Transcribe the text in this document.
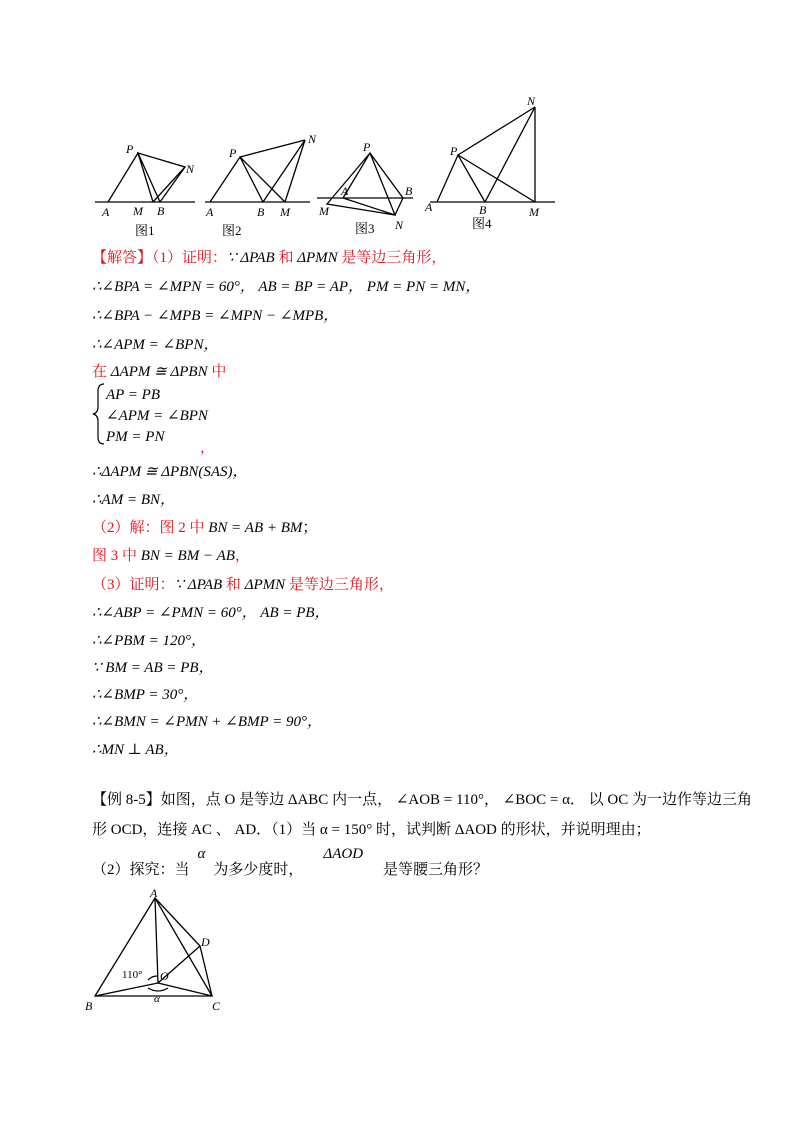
P
N
A M B
P
N
A	B M
P
A	B
M
N
N
P
A	B	M
图1	图2	图3	图4
【解答】（1）证明：∵ ΔPAB 和 ΔPMN 是等边三角形，
∴∠BPA = ∠MPN = 60°， AB = BP = AP， PM = PN = MN，
∴∠BPA − ∠MPB = ∠MPN − ∠MPB，
∴∠APM = ∠BPN，
在 ΔAPM ≅ ΔPBN 中
AP = PB
∠APM = ∠BPN
PM = PN
，
∴ΔAPM ≅ ΔPBN(SAS)，
∴AM = BN，
（2）解：图 2 中 BN = AB + BM；
图 3 中 BN = BM − AB，
（3）证明：∵ ΔPAB 和 ΔPMN 是等边三角形，
∴∠ABP = ∠PMN = 60°， AB = PB，
∴∠PBM = 120°，
∵ BM = AB = PB，
∴∠BMP = 30°，
∴∠BMN = ∠PMN + ∠BMP = 90°，
∴MN ⊥ AB，
【例 8-5】如图，点 O 是等边 ΔABC 内一点， ∠AOB = 110°， ∠BOC = α． 以 OC 为一边作等边三角
形 OCD，连接 AC 、 AD．（1）当 α = 150° 时，试判断 ΔAOD 的形状，并说明理由；
（2）探究：当α为多少度时，ΔAOD是等腰三角形？
A
B	C
D
O
α
110°
